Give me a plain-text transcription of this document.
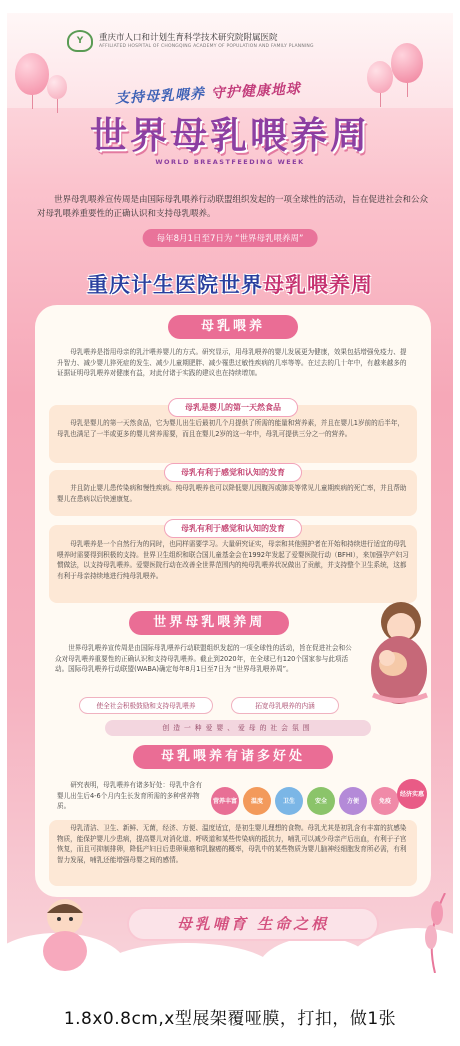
Y	重庆市人口和计划生育科学技术研究院附属医院
AFFILIATED HOSPITAL OF CHONGQING ACADEMY OF POPULATION AND FAMILY PLANNING
支持母乳喂养 守护健康地球
世界母乳喂养周
WORLD BREASTFEEDING WEEK
世界母乳喂养宣传周是由国际母乳喂养行动联盟组织发起的一项全球性的活动，旨在促进社会和公众对母乳喂养重要性的正确认识和支持母乳喂养。
每年8月1日至7日为 “世界母乳喂养周”
重庆计生医院世界母乳喂养周
母乳喂养
母乳喂养是指用母亲的乳汁喂养婴儿的方式。研究显示，用母乳喂养的婴儿发展更为健康，效果包括增强免疫力、提升智力、减少婴儿猝死症的发生、减少儿童期肥胖、减少罹患过敏性疾病的几率等等。在过去的几十年中，有越来越多的证据证明母乳喂养对健康有益，对此付诸于实践的建议也在持续增加。
母乳是婴儿的第一天然食品
母乳是婴儿的第一天然食品，它为婴儿出生后最初几个月提供了所需的能量和营养素，并且在婴儿1岁前的后半年，母乳也满足了一半或更多的婴儿营养需要，而且在婴儿2岁的这一年中，母乳可提供三分之一的营养。
母乳有利于感觉和认知的发育
并且防止婴儿患传染病和慢性疾病。纯母乳喂养也可以降低婴儿因腹泻或肺炎等常见儿童期疾病的死亡率，并且帮助婴儿在患病以后快速康复。
母乳有利于感觉和认知的发育
母乳喂养是一个自然行为的同时，也同样需要学习。大量研究证实，母亲和其他照护者在开始和持续进行适宜的母乳喂养时需要得到积极的支持。世界卫生组织和联合国儿童基金会在1992年发起了爱婴医院行动（BFHI），来加强孕产妇习惯做法，以支持母乳喂养。爱婴医院行动在改善全世界范围内的纯母乳喂养状况做出了贡献，并支持整个卫生系统，这都有利于母亲持续地进行纯母乳喂养。
世界母乳喂养周
世界母乳喂养宣传周是由国际母乳喂养行动联盟组织发起的一项全球性的活动，旨在促进社会和公众对母乳喂养重要性的正确认识和支持母乳喂养。截止到2020年，在全球已有120个国家参与此项活动。国际母乳喂养行动联盟(WABA)确定每年8月1日至7日为 “世界母乳喂养周”。
使全社会积极鼓励和支持母乳喂养	拓宽母乳喂养的内涵
创造一种爱婴、爱母的社会氛围
母乳喂养有诸多好处
研究表明，母乳喂养有诸多好处：母乳中含有婴儿出生后4-6个月内生长发育所需的多种营养物质。
营养丰富	温度	卫生	安全	方便	免疫
经济实惠
母乳清洁、卫生、新鲜、无菌，经济、方便、温度适宜，是初生婴儿理想的食物。母乳尤其是初乳含有丰富的抗感染物质，能保护婴儿少患病，提高婴儿对消化道、呼吸道和某些传染病的抵抗力，哺乳可以减少母亲产后出血，有利于子宫恢复，而且可抑制排卵，降低产妇日后患卵巢癌和乳腺癌的概率，母乳中的某些物质为婴儿脑神经细胞发育所必需，有利智力发展，哺乳还能增强母婴之间的感情。
母乳哺育 生命之根
1.8x0.8cm,x型展架覆哑膜，打扣，做1张
